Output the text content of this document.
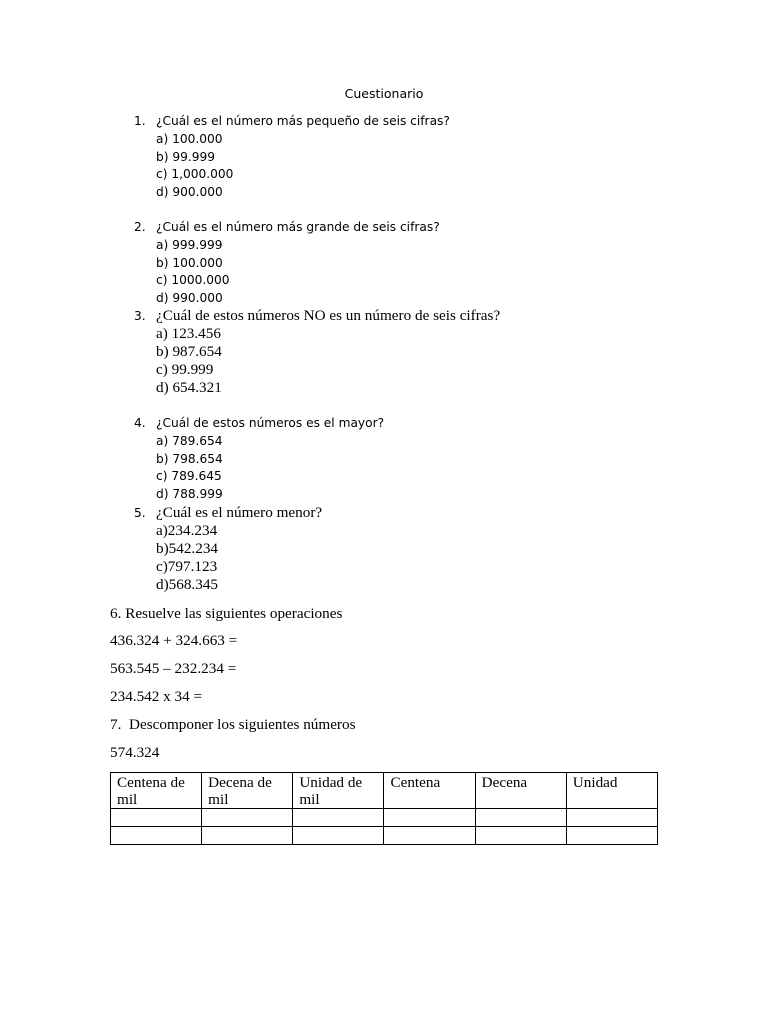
Cuestionario
1. ¿Cuál es el número más pequeño de seis cifras?
a) 100.000
b) 99.999
c) 1,000.000
d) 900.000
2. ¿Cuál es el número más grande de seis cifras?
a) 999.999
b) 100.000
c) 1000.000
d) 990.000
3. ¿Cuál de estos números NO es un número de seis cifras?
a) 123.456
b) 987.654
c) 99.999
d) 654.321
4. ¿Cuál de estos números es el mayor?
a) 789.654
b) 798.654
c) 789.645
d) 788.999
5. ¿Cuál es el número menor?
a)234.234
b)542.234
c)797.123
d)568.345
6. Resuelve las siguientes operaciones
436.324 + 324.663 =
563.545 – 232.234 =
234.542 x 34 =
7.  Descomponer los siguientes números
574.324
Centena de mil	Decena de mil	Unidad de mil	Centena	Decena	Unidad
